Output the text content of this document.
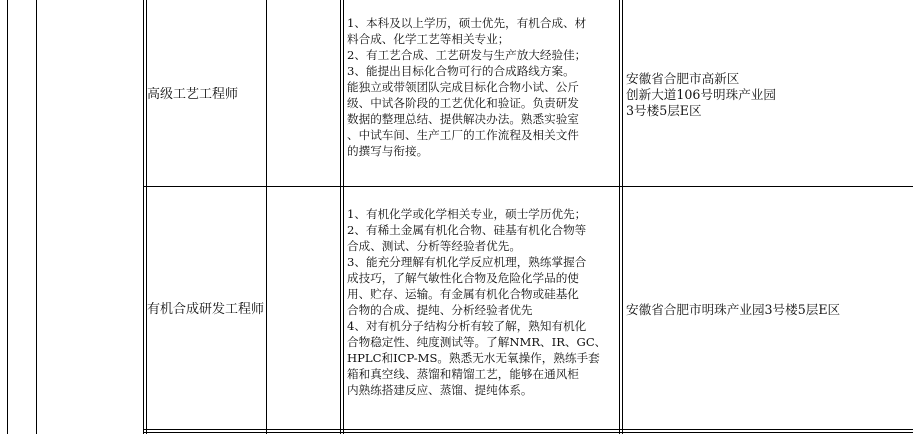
高级工艺工程师
1、本科及以上学历，硕士优先，有机合成、材
料合成、化学工艺等相关专业；
2、有工艺合成、工艺研发与生产放大经验佳；
3、能提出目标化合物可行的合成路线方案。
能独立或带领团队完成目标化合物小试、公斤
级、中试各阶段的工艺优化和验证。负责研发
数据的整理总结、提供解决办法。熟悉实验室
、中试车间、生产工厂的工作流程及相关文件
的撰写与衔接。
安徽省合肥市高新区
创新大道106号明珠产业园
3号楼5层E区
有机合成研发工程师
1、有机化学或化学相关专业，硕士学历优先；
2、有稀土金属有机化合物、硅基有机化合物等
合成、测试、分析等经验者优先。
3、能充分理解有机化学反应机理，熟练掌握合
成技巧，了解气敏性化合物及危险化学品的使
用、贮存、运输。有金属有机化合物或硅基化
合物的合成、提纯、分析经验者优先
4、对有机分子结构分析有较了解，熟知有机化
合物稳定性、纯度测试等。了解NMR、IR、GC、
HPLC和ICP-MS。熟悉无水无氧操作，熟练手套
箱和真空线、蒸馏和精馏工艺，能够在通风柜
内熟练搭建反应、蒸馏、提纯体系。
安徽省合肥市明珠产业园3号楼5层E区
